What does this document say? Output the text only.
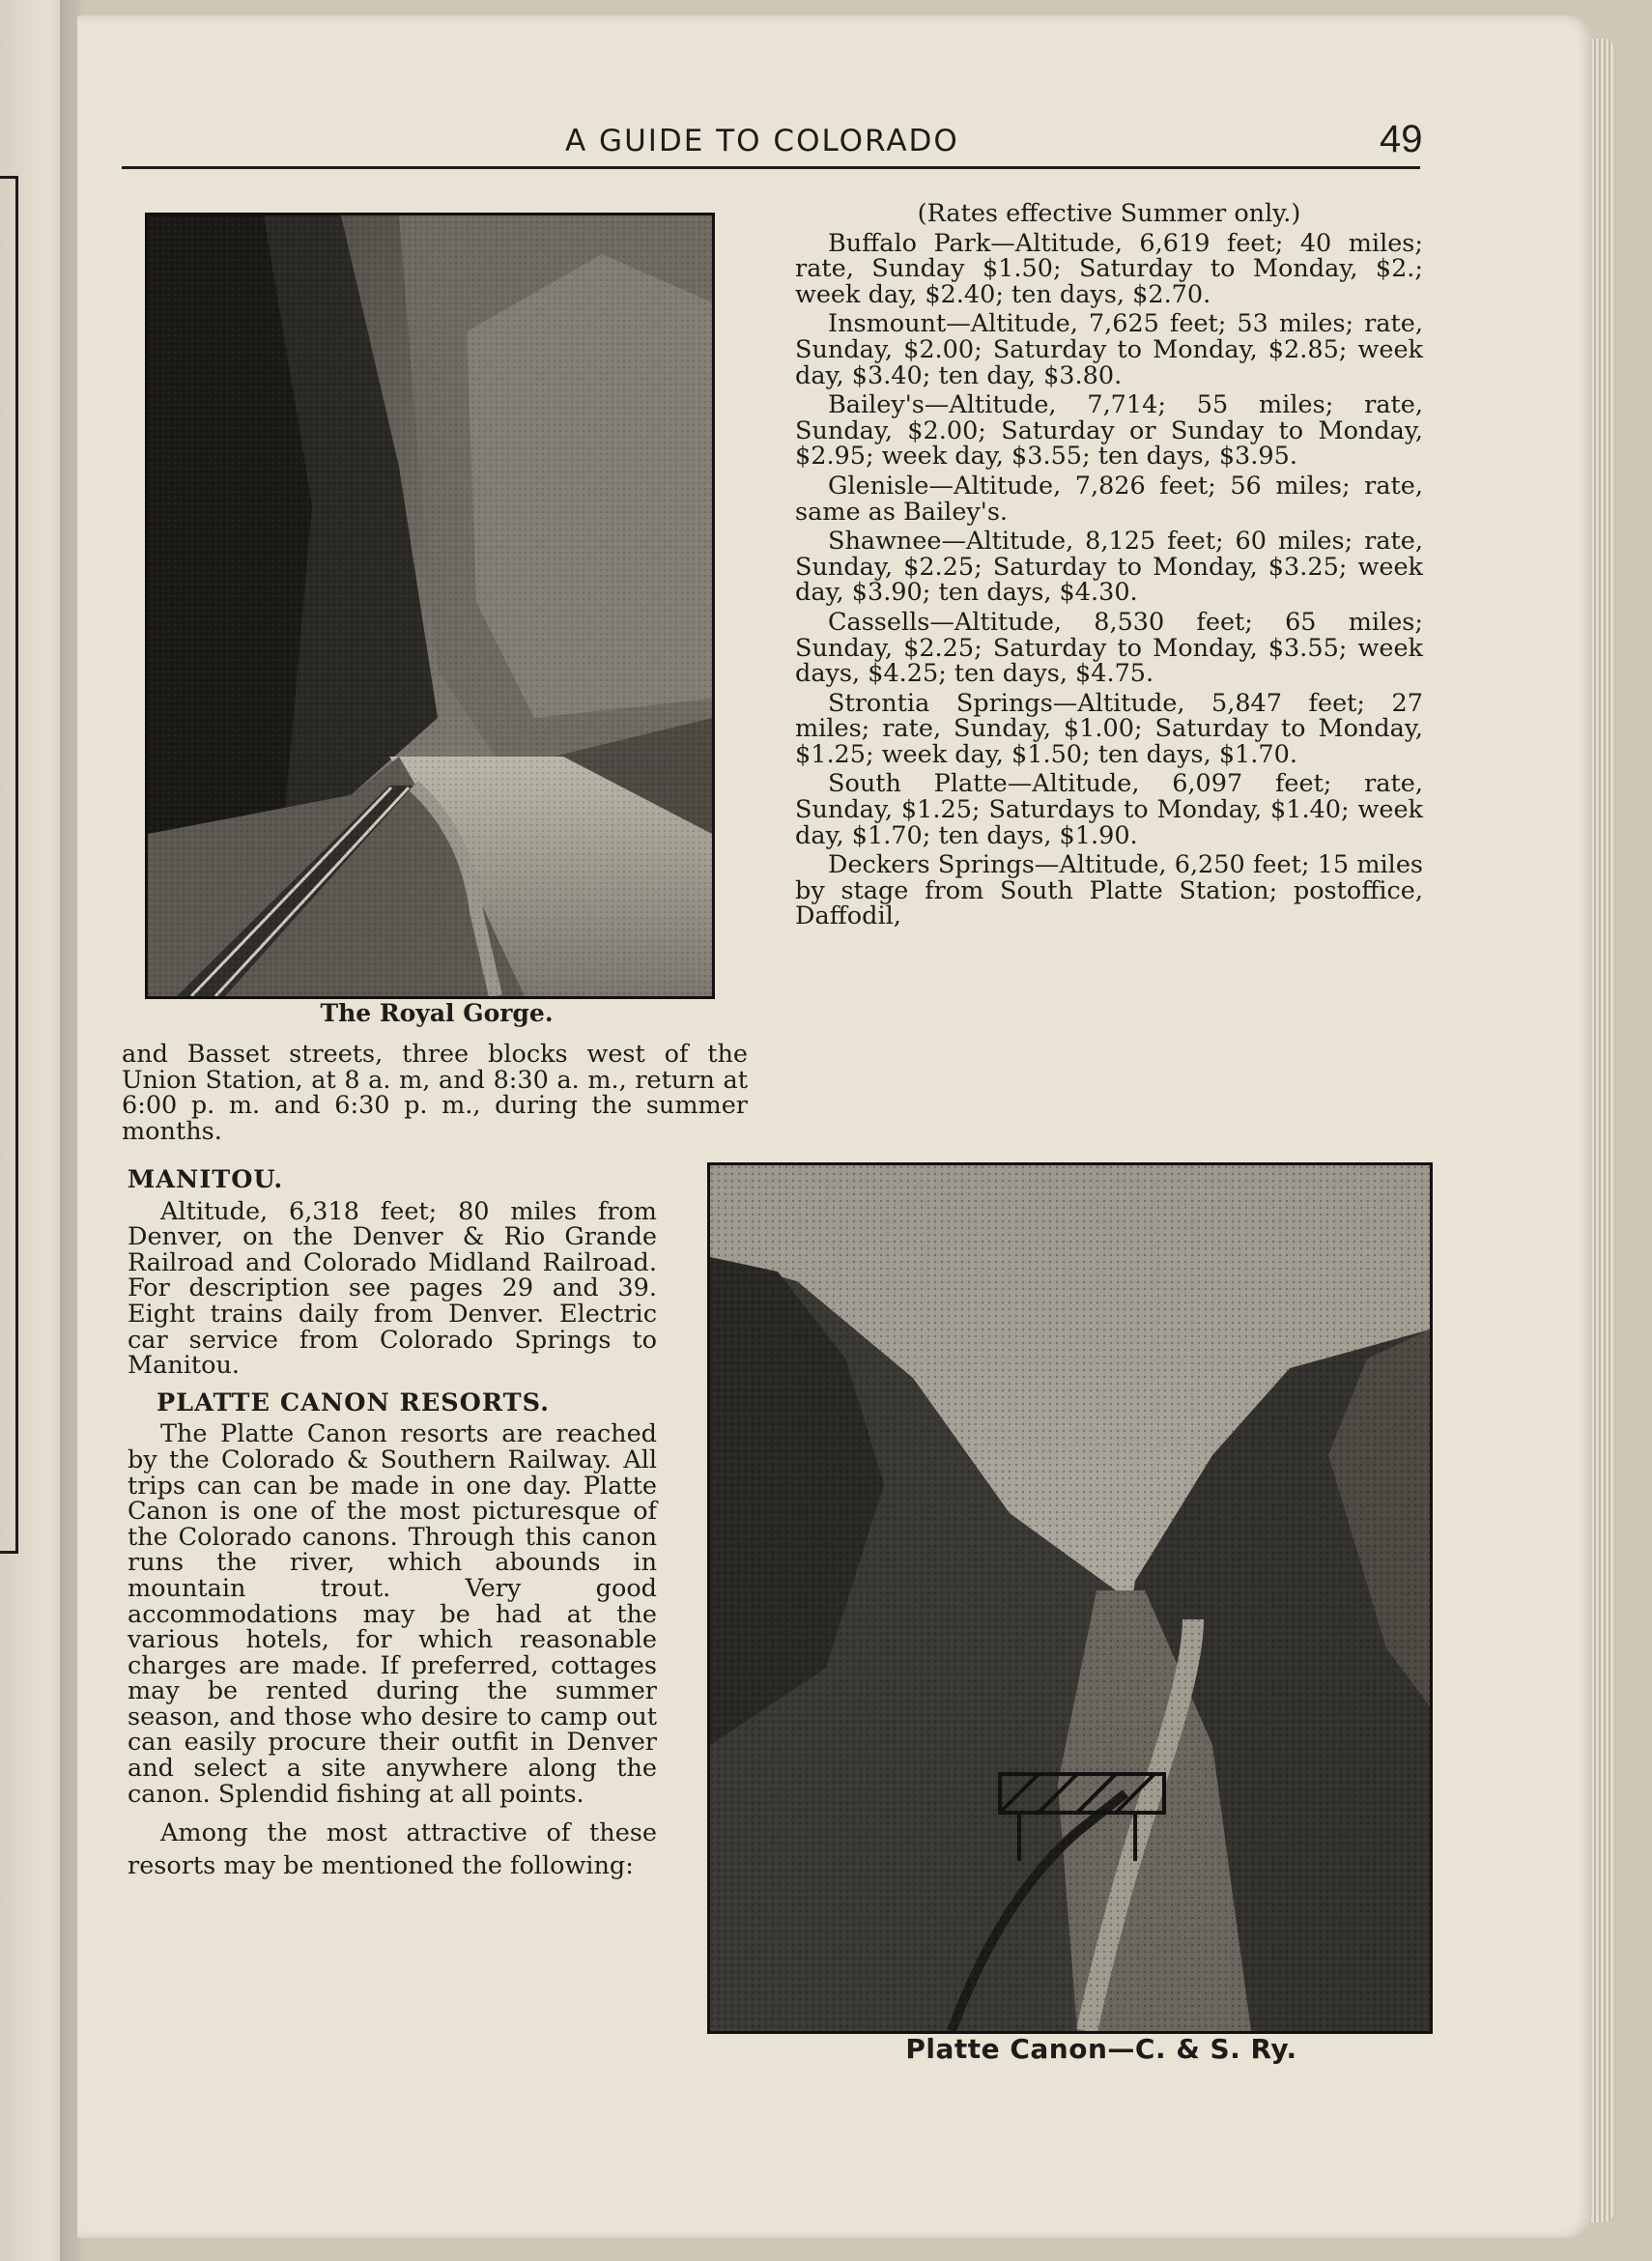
A GUIDE TO COLORADO	49
The Royal Gorge.

(Rates effective Summer only.)

Buffalo Park—Altitude, 6,619 feet; 40 miles; rate, Sunday $1.50; Saturday to Monday, $2.; week day, $2.40; ten days, $2.70.

Insmount—Altitude, 7,625 feet; 53 miles; rate, Sunday, $2.00; Saturday to Monday, $2.85; week day, $3.40; ten day, $3.80.

Bailey's—Altitude, 7,714; 55 miles; rate, Sunday, $2.00; Saturday or Sunday to Monday, $2.95; week day, $3.55; ten days, $3.95.

Glenisle—Altitude, 7,826 feet; 56 miles; rate, same as Bailey's.

Shawnee—Altitude, 8,125 feet; 60 miles; rate, Sunday, $2.25; Saturday to Monday, $3.25; week day, $3.90; ten days, $4.30.

Cassells—Altitude, 8,530 feet; 65 miles; Sunday, $2.25; Saturday to Monday, $3.55; week days, $4.25; ten days, $4.75.

Strontia Springs—Altitude, 5,847 feet; 27 miles; rate, Sunday, $1.00; Saturday to Monday, $1.25; week day, $1.50; ten days, $1.70.

South Platte—Altitude, 6,097 feet; rate, Sunday, $1.25; Saturdays to Monday, $1.40; week day, $1.70; ten days, $1.90.

Deckers Springs—Altitude, 6,250 feet; 15 miles by stage from South Platte Station; postoffice, Daffodil,

and Basset streets, three blocks west of the Union Station, at 8 a. m, and 8:30 a. m., return at 6:00 p. m. and 6:30 p. m., during the summer months.

MANITOU.

Altitude, 6,318 feet; 80 miles from Denver, on the Denver & Rio Grande Railroad and Colorado Midland Railroad. For description see pages 29 and 39. Eight trains daily from Denver. Electric car service from Colorado Springs to Manitou.

PLATTE CANON RESORTS.

The Platte Canon resorts are reached by the Colorado & Southern Railway. All trips can can be made in one day. Platte Canon is one of the most picturesque of the Colorado canons. Through this canon runs the river, which abounds in mountain trout. Very good accommodations may be had at the various hotels, for which reasonable charges are made. If preferred, cottages may be rented during the summer season, and those who desire to camp out can easily procure their outfit in Denver and select a site anywhere along the canon. Splendid fishing at all points.

Among the most attractive of these resorts may be mentioned the following:

Platte Canon—C. & S. Ry.
